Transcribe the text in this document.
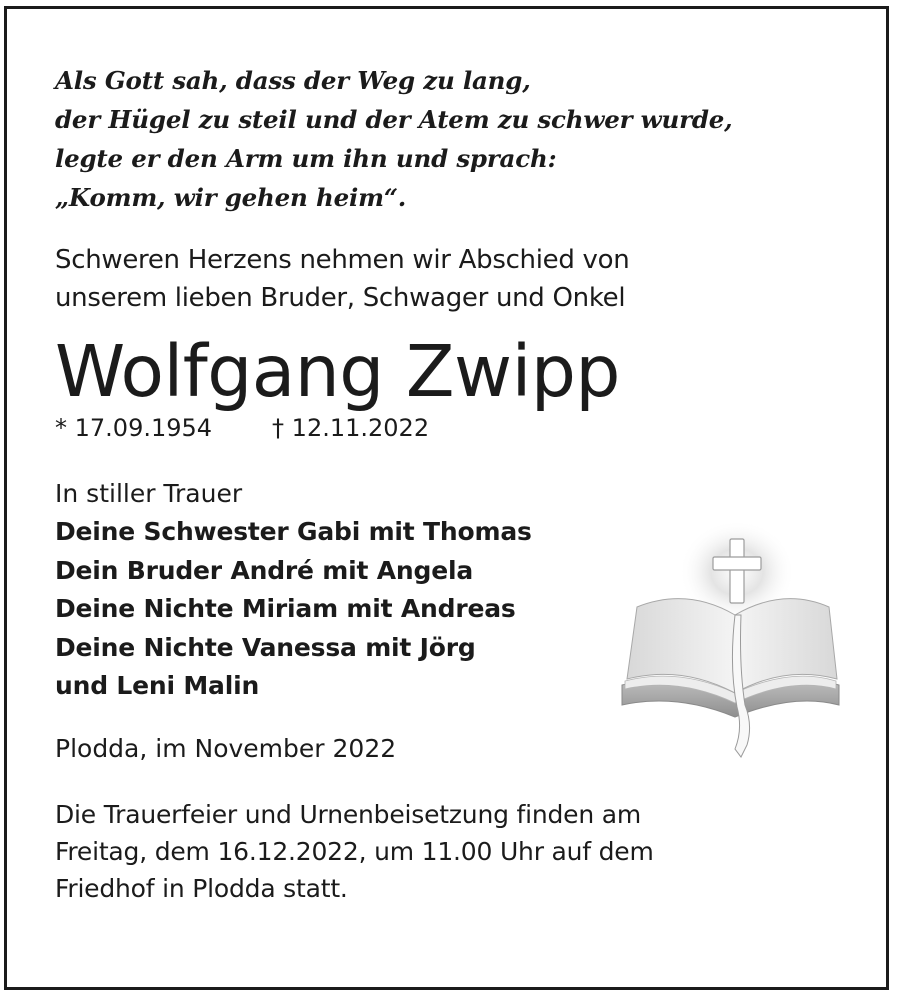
Als Gott sah, dass der Weg zu lang,
der Hügel zu steil und der Atem zu schwer wurde,
legte er den Arm um ihn und sprach:
„Komm, wir gehen heim“.
Schweren Herzens nehmen wir Abschied von
unserem lieben Bruder, Schwager und Onkel
Wolfgang Zwipp
* 17.09.1954	† 12.11.2022
In stiller Trauer
Deine Schwester Gabi mit Thomas
Dein Bruder André mit Angela
Deine Nichte Miriam mit Andreas
Deine Nichte Vanessa mit Jörg
und Leni Malin
Plodda, im November 2022
Die Trauerfeier und Urnenbeisetzung finden am
Freitag, dem 16.12.2022, um 11.00 Uhr auf dem
Friedhof in Plodda statt.
